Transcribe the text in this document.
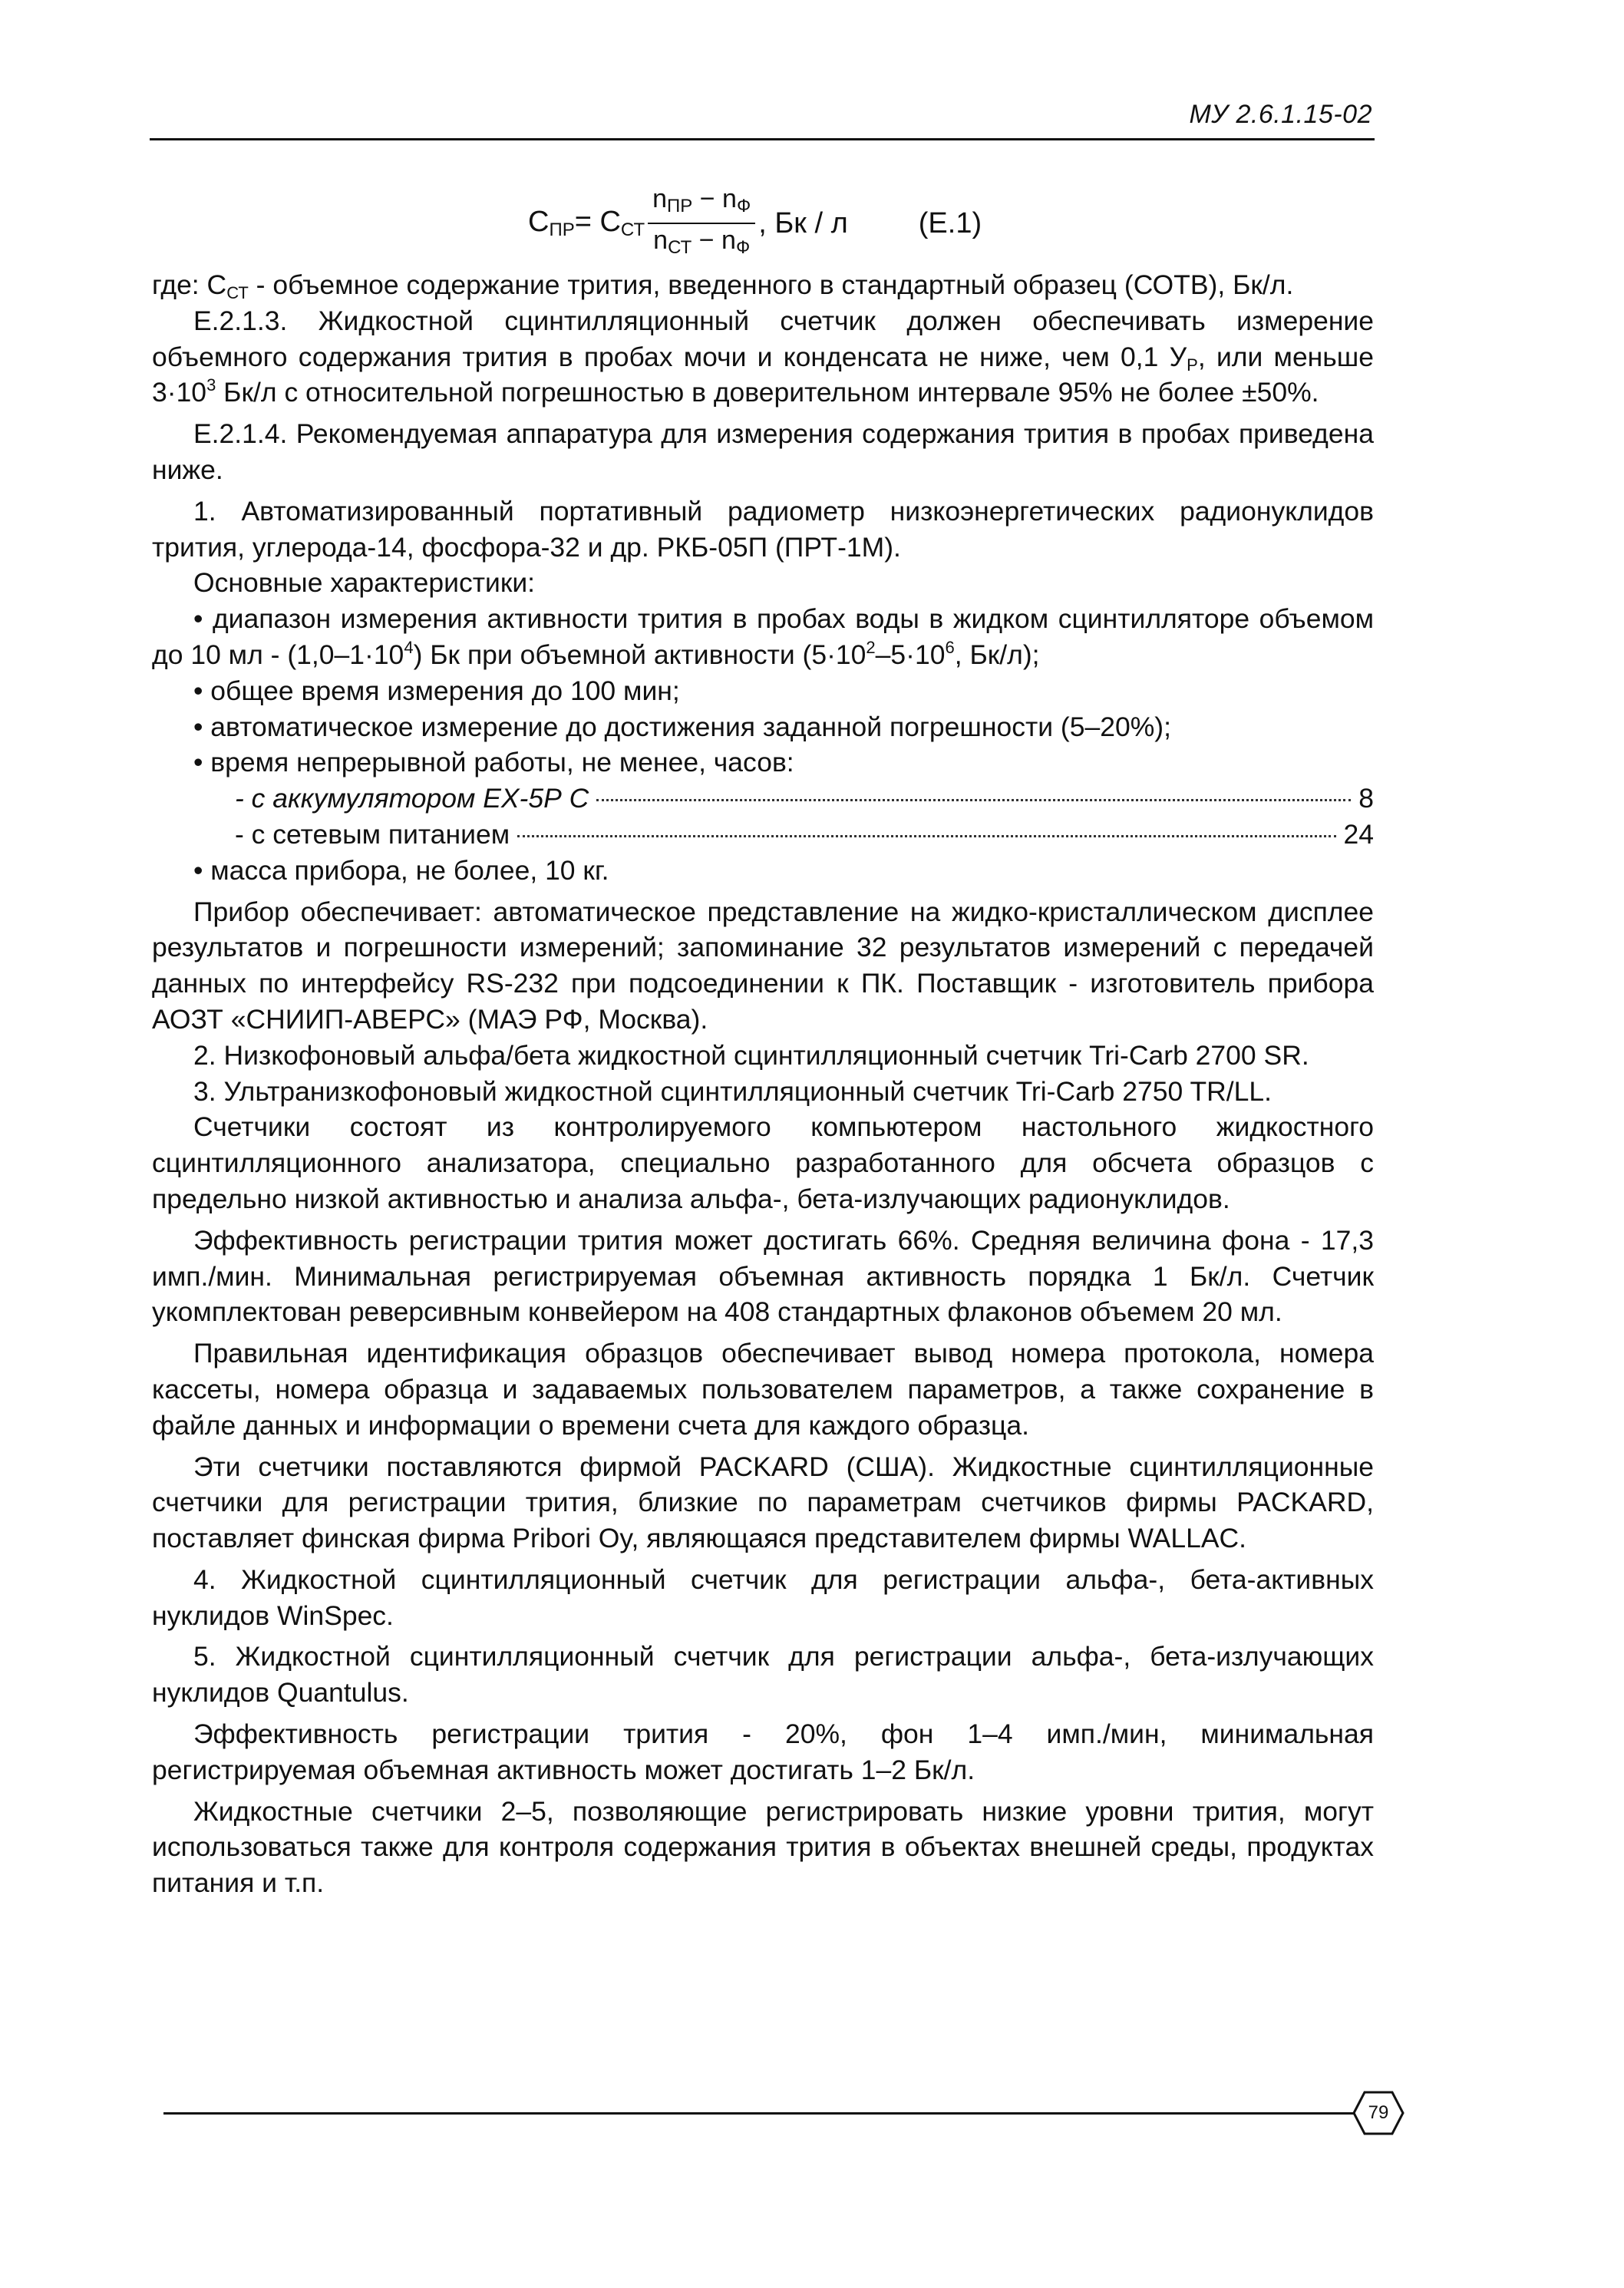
МУ 2.6.1.15-02
$C_{ПР} = C_{СТ} \frac{n_{ПР} - n_Ф}{n_{СТ} - n_Ф}$ , Бк / л (Е.1)

где: $С_{СТ}$ - объемное содержание трития, введенного в стандартный образец (СОТВ), Бк/л.

Е.2.1.3. Жидкостной сцинтилляционный счетчик должен обеспечивать измерение объемного содержания трития в пробах мочи и конденсата не ниже, чем 0,1 $У_Р$, или меньше $3\cdot 10^3$ Бк/л с относительной погрешностью в доверительном интервале 95% не более ±50%.

Е.2.1.4. Рекомендуемая аппаратура для измерения содержания трития в пробах приведена ниже.

1. Автоматизированный портативный радиометр низкоэнергетических радионуклидов трития, углерода-14, фосфора-32 и др. РКБ-05П (ПРТ-1М).

Основные характеристики:

• диапазон измерения активности трития в пробах воды в жидком сцинтилляторе объемом до 10 мл - $(1,0-1\cdot 10^4)$ Бк при объемной активности ($5\cdot 10^2-5\cdot 10^6$, Бк/л);

• общее время измерения до 100 мин;

• автоматическое измерение до достижения заданной погрешности (5–20%);

• время непрерывной работы, не менее, часов:

- с аккумулятором ЕХ-5Р С	8
- с сетевым питанием	24

• масса прибора, не более, 10 кг.

Прибор обеспечивает: автоматическое представление на жидко-кристаллическом дисплее результатов и погрешности измерений; запоминание 32 результатов измерений с передачей данных по интерфейсу RS-232 при подсоединении к ПК. Поставщик - изготовитель прибора АОЗТ «СНИИП-АВЕРС» (МАЭ РФ, Москва).

2. Низкофоновый альфа/бета жидкостной сцинтилляционный счетчик Tri-Carb 2700 SR.

3. Ультранизкофоновый жидкостной сцинтилляционный счетчик Tri-Carb 2750 TR/LL.

Счетчики состоят из контролируемого компьютером настольного жидкостного сцинтилляционного анализатора, специально разработанного для обсчета образцов с предельно низкой активностью и анализа альфа-, бета-излучающих радионуклидов.

Эффективность регистрации трития может достигать 66%. Средняя величина фона - 17,3 имп./мин. Минимальная регистрируемая объемная активность порядка 1 Бк/л. Счетчик укомплектован реверсивным конвейером на 408 стандартных флаконов объемем 20 мл.

Правильная идентификация образцов обеспечивает вывод номера протокола, номера кассеты, номера образца и задаваемых пользователем параметров, а также сохранение в файле данных и информации о времени счета для каждого образца.

Эти счетчики поставляются фирмой PACKARD (США). Жидкостные сцинтилляционные счетчики для регистрации трития, близкие по параметрам счетчиков фирмы PACKARD, поставляет финская фирма Pribori Oy, являющаяся представителем фирмы WALLAC.

4. Жидкостной сцинтилляционный счетчик для регистрации альфа-, бета-активных нуклидов WinSpec.

5. Жидкостной сцинтилляционный счетчик для регистрации альфа-, бета-излучающих нуклидов Quantulus.

Эффективность регистрации трития - 20%, фон 1–4 имп./мин, минимальная регистрируемая объемная активность может достигать 1–2 Бк/л.

Жидкостные счетчики 2–5, позволяющие регистрировать низкие уровни трития, могут использоваться также для контроля содержания трития в объектах внешней среды, продуктах питания и т.п.

79
